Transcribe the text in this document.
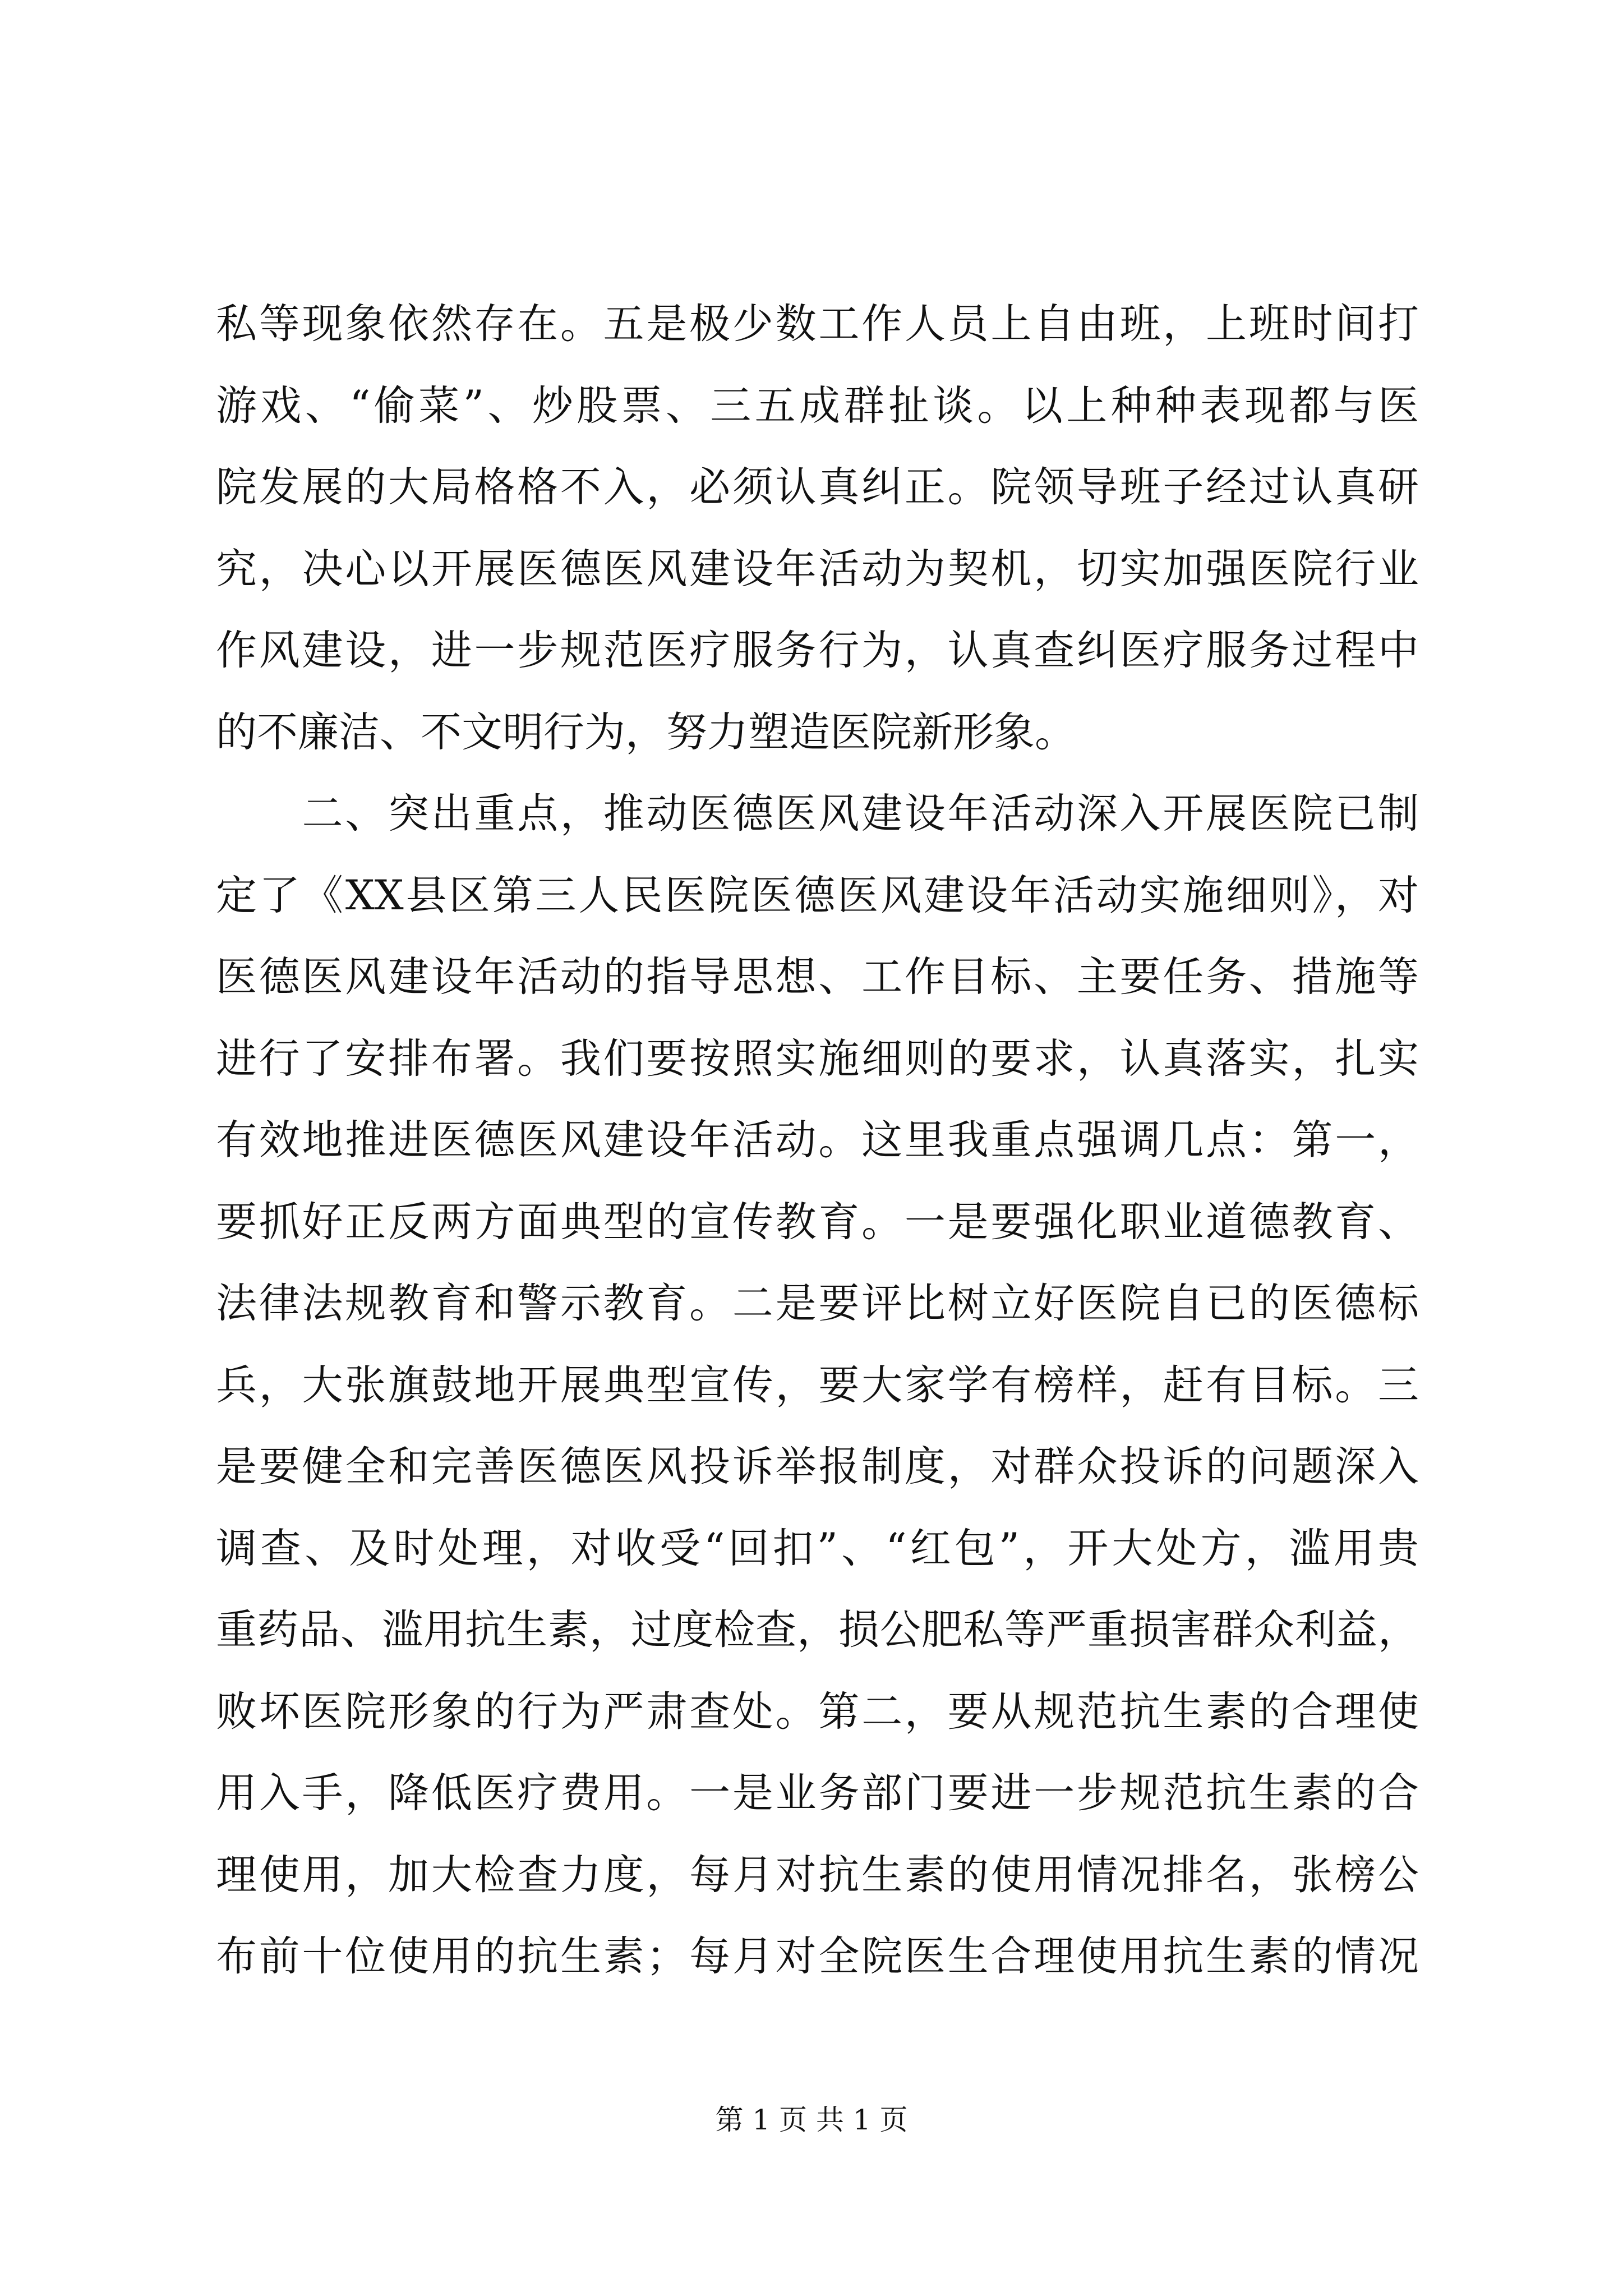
私等现象依然存在。五是极少数工作人员上自由班，上班时间打
游戏、“偷菜”、炒股票、三五成群扯谈。以上种种表现都与医
院发展的大局格格不入，必须认真纠正。院领导班子经过认真研
究，决心以开展医德医风建设年活动为契机，切实加强医院行业
作风建设，进一步规范医疗服务行为，认真查纠医疗服务过程中
的不廉洁、不文明行为，努力塑造医院新形象。
　　二、突出重点，推动医德医风建设年活动深入开展医院已制
定了《XX县区第三人民医院医德医风建设年活动实施细则》，对
医德医风建设年活动的指导思想、工作目标、主要任务、措施等
进行了安排布署。我们要按照实施细则的要求，认真落实，扎实
有效地推进医德医风建设年活动。这里我重点强调几点：第一，
要抓好正反两方面典型的宣传教育。一是要强化职业道德教育、
法律法规教育和警示教育。二是要评比树立好医院自已的医德标
兵，大张旗鼓地开展典型宣传，要大家学有榜样，赶有目标。三
是要健全和完善医德医风投诉举报制度，对群众投诉的问题深入
调查、及时处理，对收受“回扣”、“红包”，开大处方，滥用贵
重药品、滥用抗生素，过度检查，损公肥私等严重损害群众利益，
败坏医院形象的行为严肃查处。第二，要从规范抗生素的合理使
用入手，降低医疗费用。一是业务部门要进一步规范抗生素的合
理使用，加大检查力度，每月对抗生素的使用情况排名，张榜公
布前十位使用的抗生素；每月对全院医生合理使用抗生素的情况
第 1 页 共 1 页
